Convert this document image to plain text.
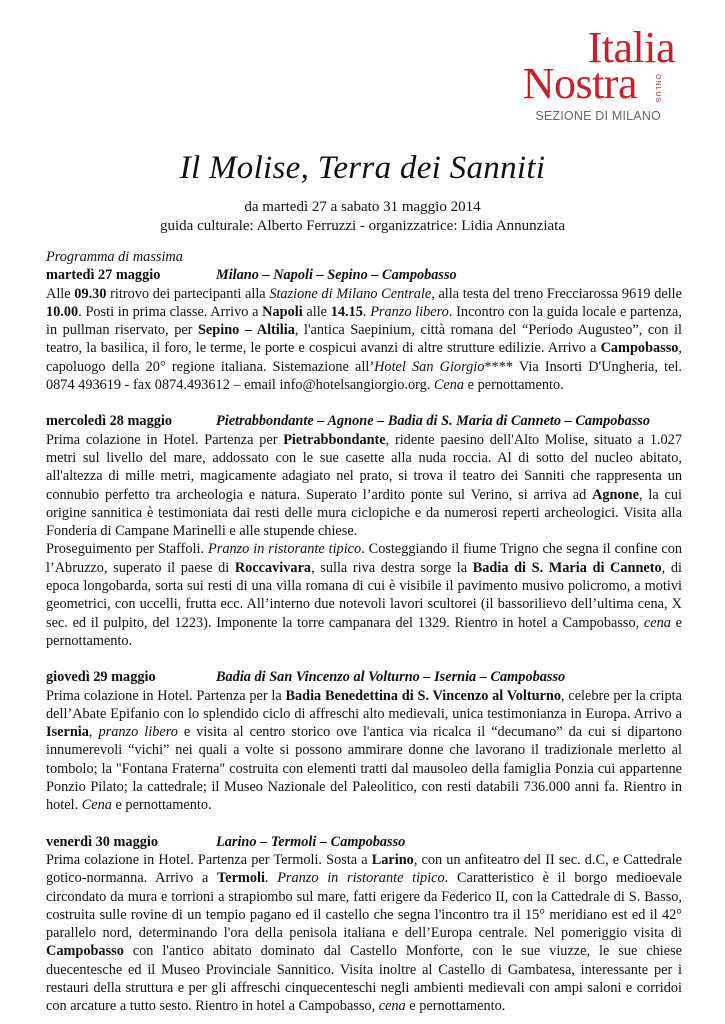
Italia
Nostra	ONLUS
SEZIONE DI MILANO
Il Molise, Terra dei Sanniti
da martedì 27 a sabato 31 maggio 2014
guida culturale: Alberto Ferruzzi - organizzatrice: Lidia Annunziata
Programma di massima
martedì 27 maggio	Milano – Napoli – Sepino – Campobasso
Alle 09.30 ritrovo dei partecipanti alla Stazione di Milano Centrale, alla testa del treno Frecciarossa 9619 delle 10.00. Posti in prima classe. Arrivo a Napoli alle 14.15. Pranzo libero. Incontro con la guida locale e partenza, in pullman riservato, per Sepino – Altilia, l'antica Saepinium, città romana del “Periodo Augusteo”, con il teatro, la basilica, il foro, le terme, le porte e cospicui avanzi di altre strutture edilizie. Arrivo a Campobasso, capoluogo della 20° regione italiana. Sistemazione all’Hotel San Giorgio**** Via Insorti D'Ungheria, tel. 0874 493619 - fax 0874.493612 – email info@hotelsangiorgio.org. Cena e pernottamento.
mercoledì 28 maggio	Pietrabbondante – Agnone – Badia di S. Maria di Canneto – Campobasso
Prima colazione in Hotel. Partenza per Pietrabbondante, ridente paesino dell'Alto Molise, situato a 1.027 metri sul livello del mare, addossato con le sue casette alla nuda roccia. Al di sotto del nucleo abitato, all'altezza di mille metri, magicamente adagiato nel prato, si trova il teatro dei Sanniti che rappresenta un connubio perfetto tra archeologia e natura. Superato l’ardito ponte sul Verino, si arriva ad Agnone, la cui origine sannitica è testimoniata dai resti delle mura ciclopiche e da numerosi reperti archeologici. Visita alla Fonderia di Campane Marinelli e alle stupende chiese.
Proseguimento per Staffoli. Pranzo in ristorante tipico. Costeggiando il fiume Trigno che segna il confine con l’Abruzzo, superato il paese di Roccavivara, sulla riva destra sorge la Badia di S. Maria di Canneto, di epoca longobarda, sorta sui resti di una villa romana di cui è visibile il pavimento musivo policromo, a motivi geometrici, con uccelli, frutta ecc. All’interno due notevoli lavori scultorei (il bassorilievo dell’ultima cena, X sec. ed il pulpito, del 1223). Imponente la torre campanara del 1329. Rientro in hotel a Campobasso, cena e pernottamento.
giovedì 29 maggio	Badia di San Vincenzo al Volturno – Isernia – Campobasso
Prima colazione in Hotel. Partenza per la Badia Benedettina di S. Vincenzo al Volturno, celebre per la cripta dell’Abate Epifanio con lo splendido ciclo di affreschi alto medievali, unica testimonianza in Europa. Arrivo a Isernia, pranzo libero e visita al centro storico ove l'antica via ricalca il “decumano” da cui si dipartono innumerevoli “vichi” nei quali a volte si possono ammirare donne che lavorano il tradizionale merletto al tombolo; la "Fontana Fraterna" costruita con elementi tratti dal mausoleo della famiglia Ponzia cui appartenne Ponzio Pilato; la cattedrale; il Museo Nazionale del Paleolitico, con resti databili 736.000 anni fa. Rientro in hotel. Cena e pernottamento.
venerdì 30 maggio	Larino – Termoli – Campobasso
Prima colazione in Hotel. Partenza per Termoli. Sosta a Larino, con un anfiteatro del II sec. d.C, e Cattedrale gotico-normanna. Arrivo a Termoli. Pranzo in ristorante tipico. Caratteristico è il borgo medioevale circondato da mura e torrioni a strapiombo sul mare, fatti erigere da Federico II, con la Cattedrale di S. Basso, costruita sulle rovine di un tempio pagano ed il castello che segna l'incontro tra il 15° meridiano est ed il 42° parallelo nord, determinando l'ora della penisola italiana e dell’Europa centrale. Nel pomeriggio visita di Campobasso con l'antico abitato dominato dal Castello Monforte, con le sue viuzze, le sue chiese duecentesche ed il Museo Provinciale Sannitico. Visita inoltre al Castello di Gambatesa, interessante per i restauri della struttura e per gli affreschi cinquecenteschi negli ambienti medievali con ampi saloni e corridoi con arcature a tutto sesto. Rientro in hotel a Campobasso, cena e pernottamento.
